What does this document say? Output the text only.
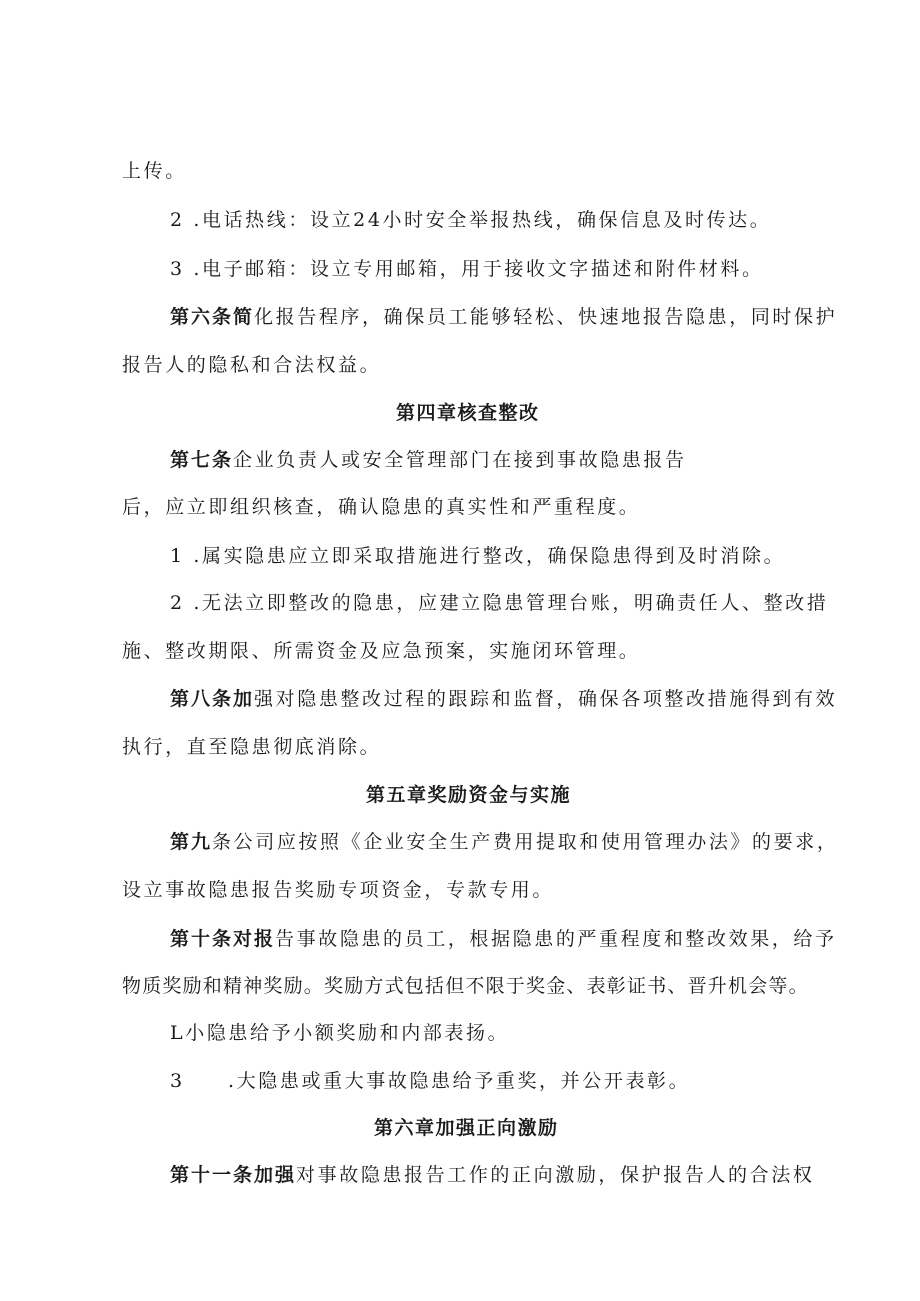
上传。
2 .电话热线：设立24小时安全举报热线，确保信息及时传达。
3 .电子邮箱：设立专用邮箱，用于接收文字描述和附件材料。
第六条简化报告程序，确保员工能够轻松、快速地报告隐患，同时保护
报告人的隐私和合法权益。
第四章核查整改
第七条企业负责人或安全管理部门在接到事故隐患报告
后，应立即组织核查，确认隐患的真实性和严重程度。
1 .属实隐患应立即采取措施进行整改，确保隐患得到及时消除。
2 .无法立即整改的隐患，应建立隐患管理台账，明确责任人、整改措
施、整改期限、所需资金及应急预案，实施闭环管理。
第八条加强对隐患整改过程的跟踪和监督，确保各项整改措施得到有效
执行，直至隐患彻底消除。
第五章奖励资金与实施
第九条公司应按照《企业安全生产费用提取和使用管理办法》的要求，
设立事故隐患报告奖励专项资金，专款专用。
第十条对报告事故隐患的员工，根据隐患的严重程度和整改效果，给予
物质奖励和精神奖励。奖励方式包括但不限于奖金、表彰证书、晋升机会等。
L小隐患给予小额奖励和内部表扬。
3 .大隐患或重大事故隐患给予重奖，并公开表彰。
第六章加强正向激励
第十一条加强对事故隐患报告工作的正向激励，保护报告人的合法权
